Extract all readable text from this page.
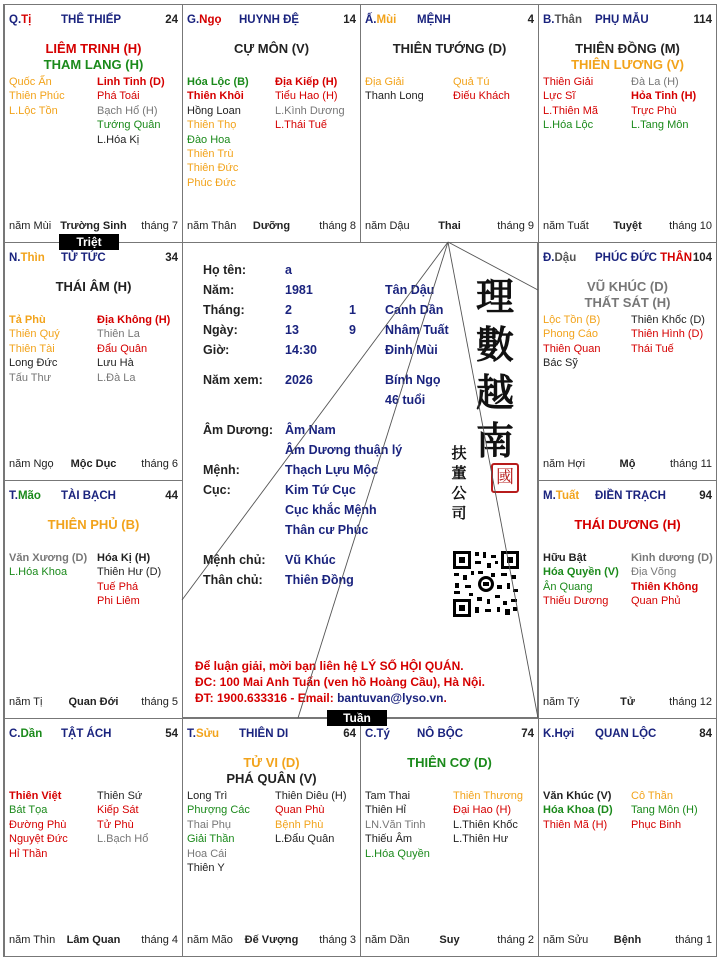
Q.Tị	THÊ THIẾP	24
LIÊM TRINH (H)
THAM LANG (H)
Quốc Ấn
Thiên Phúc
L.Lộc Tồn
Linh Tinh (D)
Phá Toái
Bạch Hổ (H)
Tướng Quân
L.Hóa Kị
năm Mùi Trường Sinh	tháng 7
G.Ngọ HUYNH ĐỆ	14
CỰ MÔN (V)
Hóa Lộc (B)
Thiên Khôi
Hồng Loan
Thiên Thọ
Đào Hoa
Thiên Trù
Thiên Đức
Phúc Đức
Địa Kiếp (H)
Tiểu Hao (H)
L.Kình Dương
L.Thái Tuế
năm Thân	Dưỡng	tháng 8
Ấ.Mùi MỆNH	4
THIÊN TƯỚNG (D)
Địa Giải
Thanh Long
Quả Tú
Điếu Khách
năm Dậu	Thai	tháng 9
B.Thân PHỤ MẪU	114
THIÊN ĐỒNG (M)
THIÊN LƯƠNG (V)
Thiên Giải
Lực Sĩ
L.Thiên Mã
L.Hóa Lộc
Đà La (H)
Hỏa Tinh (H)
Trực Phù
L.Tang Môn
năm Tuất	Tuyệt	tháng 10
N.Thìn TỬ TỨC	34
THÁI ÂM (H)
Tả Phù
Thiên Quý
Thiên Tài
Long Đức
Tấu Thư
Địa Không (H)
Thiên La
Đẩu Quân
Lưu Hà
L.Đà La
năm Ngọ	Mộc Dục	tháng 6
Đ.Dậu PHÚC ĐỨC THÂN 104
VŨ KHÚC (D)
THẤT SÁT (H)
Lộc Tồn (B)
Phong Cáo
Thiên Quan
Bác Sỹ
Thiên Khốc (D)
Thiên Hình (D)
Thái Tuế
năm Hợi	Mộ	tháng 11
T.Mão TÀI BẠCH	44
THIÊN PHỦ (B)
Văn Xương (D)
L.Hóa Khoa
Hóa Kị (H)
Thiên Hư (D)
Tuế Phá
Phi Liêm
năm Tị	Quan Đới	tháng 5
M.Tuất ĐIỀN TRẠCH	94
THÁI DƯƠNG (H)
Hữu Bật
Hóa Quyền (V)
Ân Quang
Thiếu Dương
Kình dương (D)
Địa Võng
Thiên Không
Quan Phủ
năm Tý	Tử	tháng 12
C.Dần TẬT ÁCH	54
Thiên Việt
Bát Tọa
Đường Phù
Nguyệt Đức
Hỉ Thần
Thiên Sứ
Kiếp Sát
Tử Phù
L.Bạch Hổ
năm Thìn	Lâm Quan	tháng 4
T.Sửu THIÊN DI	64
TỬ VI (D)
PHÁ QUÂN (V)
Long Trì
Phượng Các
Thai Phụ
Giải Thần
Hoa Cái
Thiên Y
Thiên Diêu (H)
Quan Phù
Bệnh Phù
L.Đẩu Quân
năm Mão	Đế Vượng	tháng 3
C.Tý NÔ BỘC	74
THIÊN CƠ (D)
Tam Thai
Thiên Hỉ
LN.Văn Tinh
Thiếu Âm
L.Hóa Quyền
Thiên Thương
Đại Hao (H)
L.Thiên Khốc
L.Thiên Hư
năm Dần	Suy	tháng 2
K.Hợi QUAN LỘC	84
Văn Khúc (V)
Hóa Khoa (D)
Thiên Mã (H)
Cô Thần
Tang Môn (H)
Phục Binh
năm Sửu	Bệnh	tháng 1
Họ tên:	a
Năm:	1981	Tân Dậu
Tháng:	2	1 Canh Dần
Ngày:	13	9 Nhâm Tuất
Giờ:	14:30	Đinh Mùi
Năm xem: 2026	Bính Ngọ
46 tuổi
Âm Dương: Âm Nam
Âm Dương thuận lý
Mệnh:	Thạch Lựu Mộc
Cục:	Kim Tứ Cục
Cục khắc Mệnh
Thân cư Phúc
Mệnh chủ: Vũ Khúc
Thân chủ: Thiên Đồng
理數越南
扶董公司
國
Để luận giải, mời bạn liên hệ LÝ SỐ HỘI QUÁN.
ĐC: 100 Mai Anh Tuấn (ven hồ Hoàng Cầu), Hà Nội.
ĐT: 1900.633316 - Email: bantuvan@lyso.vn.
Triệt
Tuần
